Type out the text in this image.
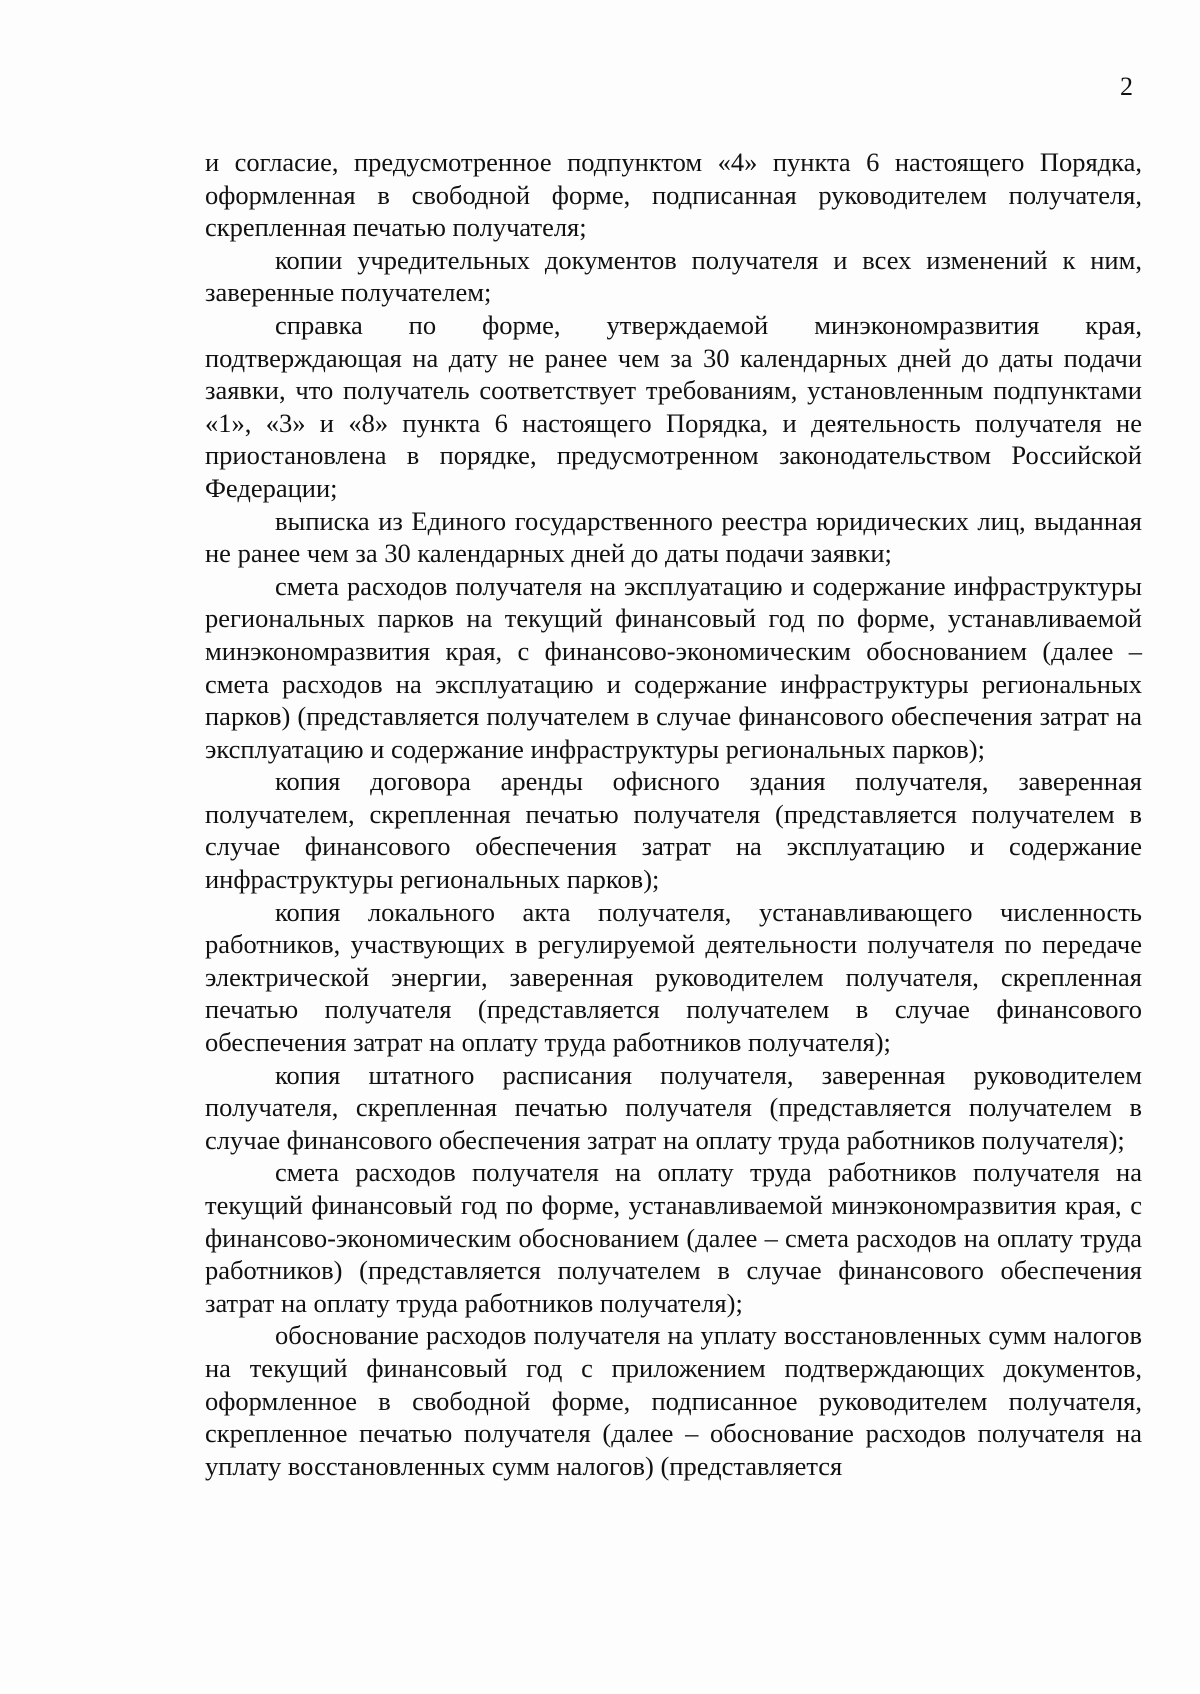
2

и согласие, предусмотренное подпунктом «4» пункта 6 настоящего Порядка, оформленная в свободной форме, подписанная руководителем получателя, скрепленная печатью получателя;

копии учредительных документов получателя и всех изменений к ним, заверенные получателем;

справка по форме, утверждаемой минэкономразвития края, подтверждающая на дату не ранее чем за 30 календарных дней до даты подачи заявки, что получатель соответствует требованиям, установленным подпунктами «1», «3» и «8» пункта 6 настоящего Порядка, и деятельность получателя не приостановлена в порядке, предусмотренном законодательством Российской Федерации;

выписка из Единого государственного реестра юридических лиц, выданная не ранее чем за 30 календарных дней до даты подачи заявки;

смета расходов получателя на эксплуатацию и содержание инфраструктуры региональных парков на текущий финансовый год по форме, устанавливаемой минэкономразвития края, с финансово-экономическим обоснованием (далее – смета расходов на эксплуатацию и содержание инфраструктуры региональных парков) (представляется получателем в случае финансового обеспечения затрат на эксплуатацию и содержание инфраструктуры региональных парков);

копия договора аренды офисного здания получателя, заверенная получателем, скрепленная печатью получателя (представляется получателем в случае финансового обеспечения затрат на эксплуатацию и содержание инфраструктуры региональных парков);

копия локального акта получателя, устанавливающего численность работников, участвующих в регулируемой деятельности получателя по передаче электрической энергии, заверенная руководителем получателя, скрепленная печатью получателя (представляется получателем в случае финансового обеспечения затрат на оплату труда работников получателя);

копия штатного расписания получателя, заверенная руководителем получателя, скрепленная печатью получателя (представляется получателем в случае финансового обеспечения затрат на оплату труда работников получателя);

смета расходов получателя на оплату труда работников получателя на текущий финансовый год по форме, устанавливаемой минэкономразвития края, с финансово-экономическим обоснованием (далее – смета расходов на оплату труда работников) (представляется получателем в случае финансового обеспечения затрат на оплату труда работников получателя);

обоснование расходов получателя на уплату восстановленных сумм налогов на текущий финансовый год с приложением подтверждающих документов, оформленное в свободной форме, подписанное руководителем получателя, скрепленное печатью получателя (далее – обоснование расходов получателя на уплату восстановленных сумм налогов) (представляется
